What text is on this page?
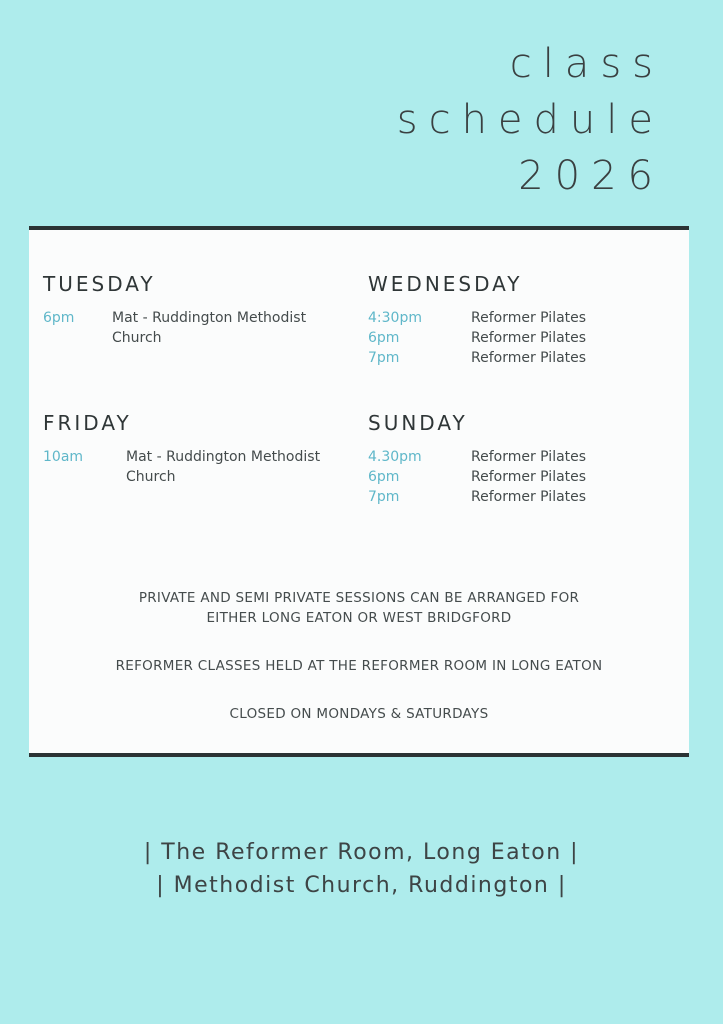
class
schedule
2026
TUESDAY
6pm	Mat - Ruddington Methodist Church
WEDNESDAY
4:30pm	Reformer Pilates
6pm	Reformer Pilates
7pm	Reformer Pilates
FRIDAY
10am	Mat - Ruddington Methodist Church
SUNDAY
4.30pm	Reformer Pilates
6pm	Reformer Pilates
7pm	Reformer Pilates
PRIVATE AND SEMI PRIVATE SESSIONS CAN BE ARRANGED FOR EITHER LONG EATON OR WEST BRIDGFORD
REFORMER CLASSES HELD AT THE REFORMER ROOM IN LONG EATON
CLOSED ON MONDAYS & SATURDAYS
| The Reformer Room, Long Eaton |
| Methodist Church, Ruddington |
